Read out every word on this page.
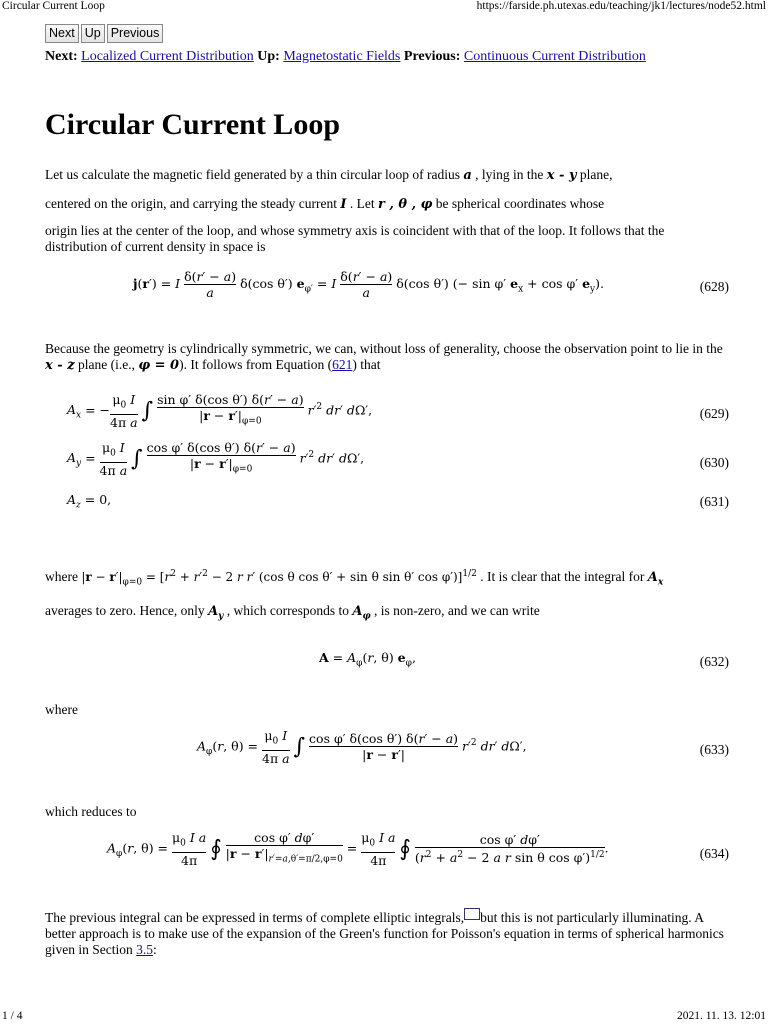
Circular Current Loop	https://farside.ph.utexas.edu/teaching/jk1/lectures/node52.html
Next Up Previous
Next: Localized Current Distribution Up: Magnetostatic Fields Previous: Continuous Current Distribution
Circular Current Loop

Let us calculate the magnetic field generated by a thin circular loop of radius a , lying in the x - y plane,
centered on the origin, and carrying the steady current I . Let r , θ , φ be spherical coordinates whose

origin lies at the center of the loop, and whose symmetry axis is coincident with that of the loop. It follows that the distribution of current density in space is

j(r′) = I $\frac{\delta(r' - a)}{a} \delta(\cos$ θ′) $e_{\varphi'} = I \frac{\delta(r' - a)}{a} \delta(\cos$ θ′) (− sin φ′ $e_x + \cos \varphi'$ $e_y$).	(628)

Because the geometry is cylindrically symmetric, we can, without loss of generality, choose the observation point to lie in the x - z plane (i.e., φ = 0). It follows from Equation (621) that

$A_x$ = − $\frac{\mu_0 I}{\text{4π a}}$ ∫ $\frac{\text{sin φ′ δ(cos θ′) δ(r′ − a)}}{|r - r'|_{\varphi=0}} r'^2$ dr′ dΩ′,	(629)
$A_y = \frac{\mu_0 I}{\text{4π a}}$ ∫ $\frac{\text{cos φ′ δ(cos θ′) δ(r′ − a)}}{|r - r'|_{\varphi=0}} r'^2$ dr′ dΩ′,	(630)
$A_z = 0$,	(631)

where $|r - r'|_{\varphi=0} = [r^2 + r'^2 - 2$ r r′ (cos θ cos θ′ + sin θ sin θ′ cos φ′)]$^{1/2}$ . It is clear that the integral for $A_x$
averages to zero. Hence, only $A_y$ , which corresponds to $A_\varphi$ , is non-zero, and we can write

$A = A_\varphi(r$, θ) $e_\varphi$,	(632)

where

$A_\varphi(r$, $\theta) = \frac{\mu_0 I}{\text{4π a}}$ ∫ $\frac{\text{cos φ′ δ(cos θ′) δ(r′ − a)}}{|r - r'|} r'^2$ dr′ dΩ′,	(633)

which reduces to

$A_\varphi(r$, $\theta) = \frac{\mu_0 I a}{4\pi}$ ∮ $\frac{\text{cos φ′ dφ′}}{|r - r'|_{r'=a,\theta'=\pi/2,\varphi=0}} = \frac{\mu_0 I a}{4\pi}$ ∮ $\frac{\text{cos φ′ dφ′}}{(r^2 + a^2 - 2 a r \sin \theta \cos \varphi')^{1/2}}$ .	(634)

The previous integral can be expressed in terms of complete elliptic integrals, but this is not particularly illuminating. A better approach is to make use of the expansion of the Green's function for Poisson's equation in terms of spherical harmonics given in Section 3.5:

1 / 4	2021. 11. 13. 12:01
